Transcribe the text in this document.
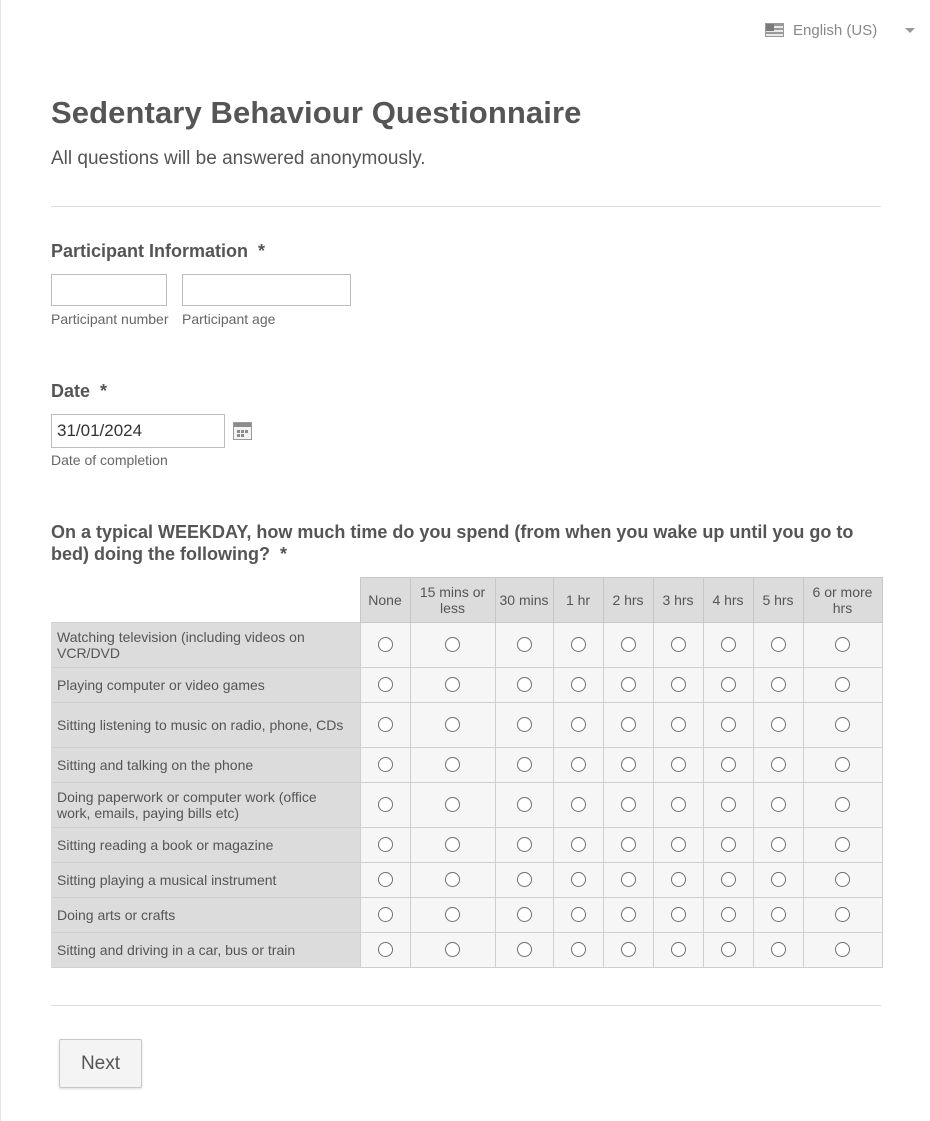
English (US)
Sedentary Behaviour Questionnaire
All questions will be answered anonymously.
Participant Information *
Participant number Participant age
Date *
31/01/2024
Date of completion
On a typical WEEKDAY, how much time do you spend (from when you wake up until you go to bed) doing the following? *
	None	15 mins or less	30 mins	1 hr	2 hrs	3 hrs	4 hrs	5 hrs	6 or more hrs
Watching television (including videos on VCR/DVD									
Playing computer or video games									
Sitting listening to music on radio, phone, CDs									
Sitting and talking on the phone									
Doing paperwork or computer work (office work, emails, paying bills etc)									
Sitting reading a book or magazine									
Sitting playing a musical instrument									
Doing arts or crafts									
Sitting and driving in a car, bus or train									
Next
